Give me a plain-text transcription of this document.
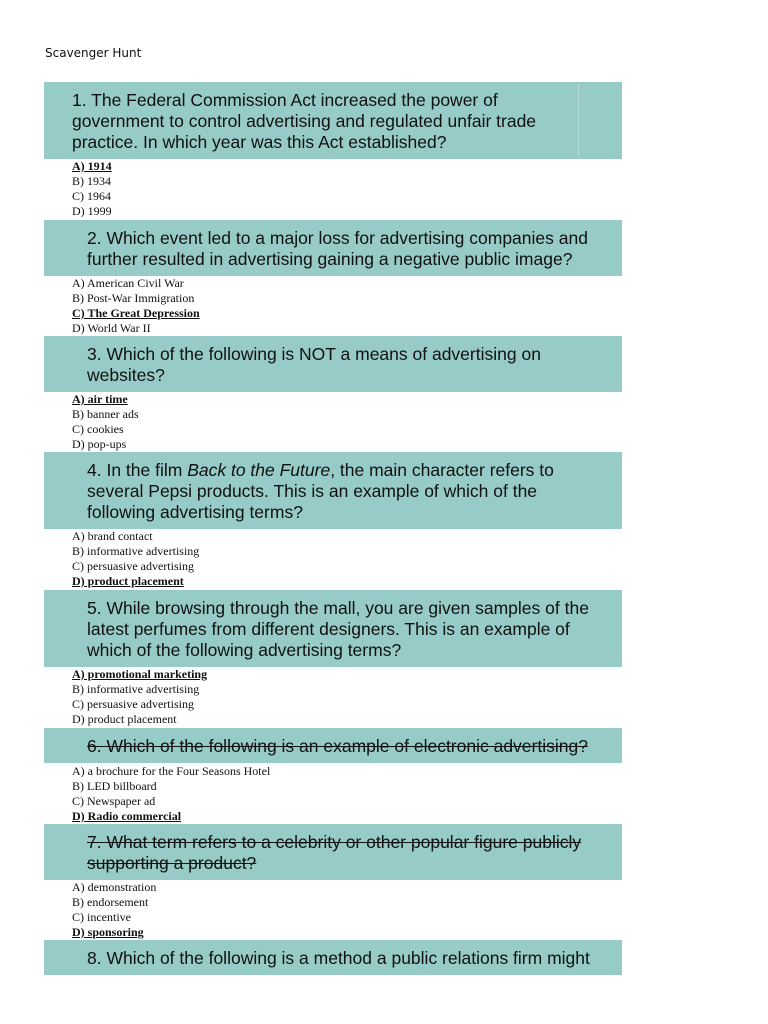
Scavenger Hunt
1. The Federal Commission Act increased the power of government to control advertising and regulated unfair trade practice. In which year was this Act established?
A) 1914
B) 1934
C) 1964
D) 1999
2. Which event led to a major loss for advertising companies and further resulted in advertising gaining a negative public image?
A) American Civil War
B) Post-War Immigration
C) The Great Depression
D) World War II
3. Which of the following is NOT a means of advertising on websites?
A) air time
B) banner ads
C) cookies
D) pop-ups
4. In the film Back to the Future, the main character refers to several Pepsi products. This is an example of which of the following advertising terms?
A) brand contact
B) informative advertising
C) persuasive advertising
D) product placement
5. While browsing through the mall, you are given samples of the latest perfumes from different designers. This is an example of which of the following advertising terms?
A) promotional marketing
B) informative advertising
C) persuasive advertising
D) product placement
6. Which of the following is an example of electronic advertising?
A) a brochure for the Four Seasons Hotel
B) LED billboard
C) Newspaper ad
D) Radio commercial
7. What term refers to a celebrity or other popular figure publicly supporting a product?
A) demonstration
B) endorsement
C) incentive
D) sponsoring
8. Which of the following is a method a public relations firm might
